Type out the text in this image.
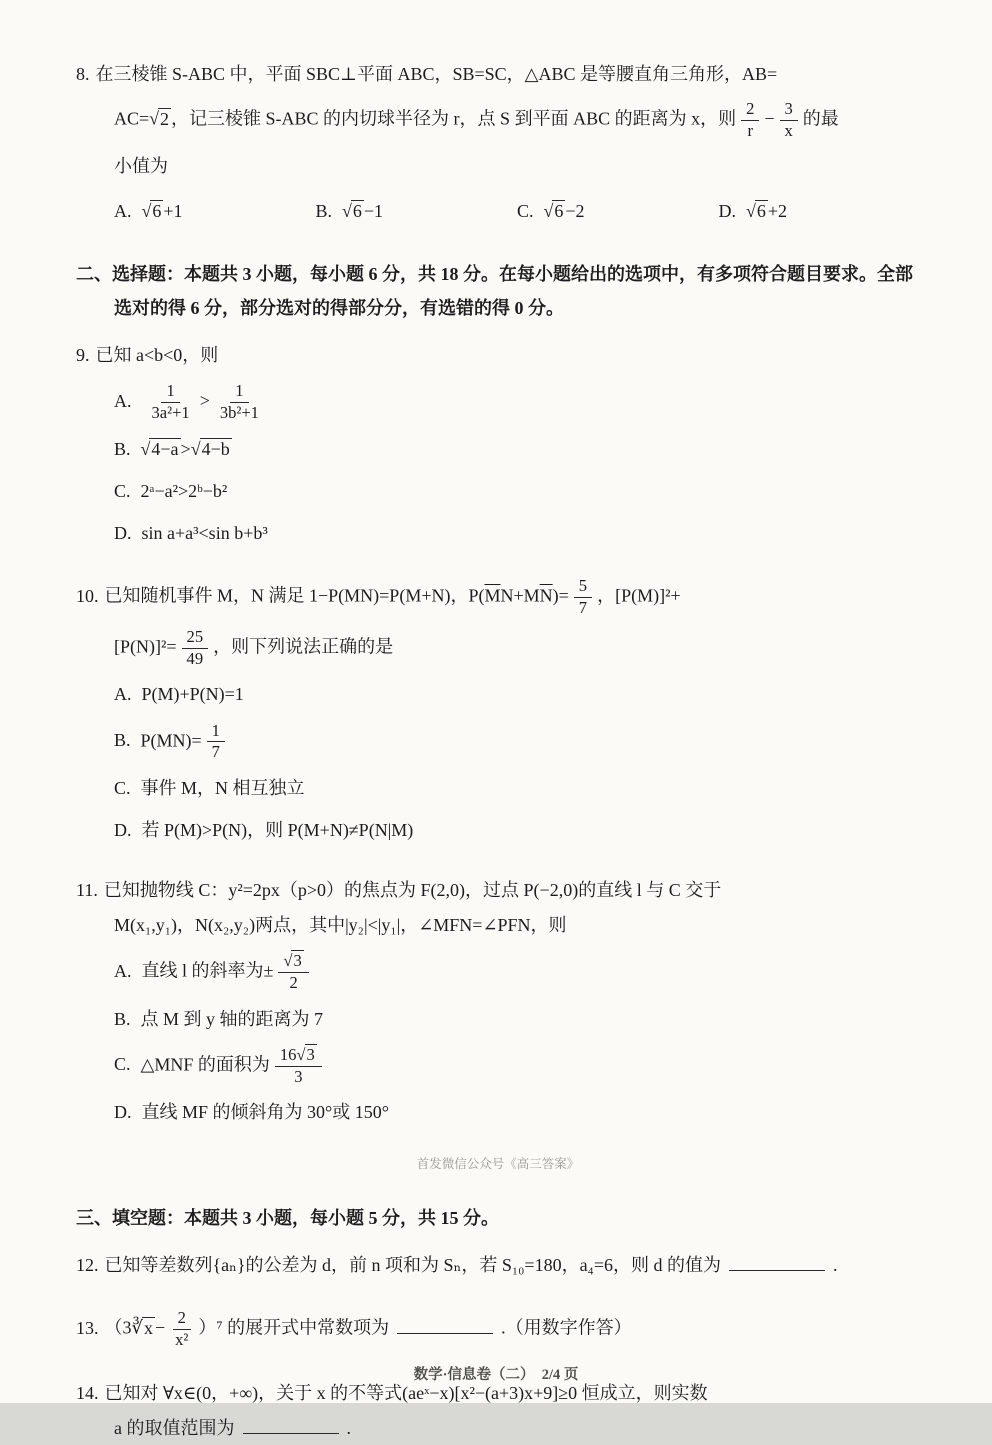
8. 在三棱锥 S-ABC 中，平面 SBC⊥平面 ABC，SB=SC，△ABC 是等腰直角三角形，AB=
AC=√ 2 ，记三棱锥 S-ABC 的内切球半径为 r，点 S 到平面 ABC 的距离为 x，则 $\frac{2}{r} - \frac{3}{x}$ 的最
小值为
A. √ 6 +1	B. √ 6 −1	C. √ 6 −2	D. √ 6 +2
二、选择题：本题共 3 小题，每小题 6 分，共 18 分。在每小题给出的选项中，有多项符合题目要求。全部选对的得 6 分，部分选对的得部分分，有选错的得 0 分。
9. 已知 a<b<0，则
A. $\frac{1}{\text{3a²+1}} > \frac{1}{\text{3b²+1}}$
B. √ 4−a >√ 4−b
C. 2ᵃ−a²>2ᵇ−b²
D. sin a+a³<sin b+b³
10. 已知随机事件 M，N 满足 1−P(MN)=P(M+N)，$P(\overline{M}N+M\overline{N})= \frac{5}{7}$ ，[P(M)]²+
$[P(N)]^2= \frac{25}{49}$ ，则下列说法正确的是
A. P(M)+P(N)=1
B. $P(MN)= \frac{1}{7}$
C. 事件 M，N 相互独立
D. 若 P(M)>P(N)，则 P(M+N)≠P(N|M)
11. 已知抛物线 C：y²=2px（p>0）的焦点为 F(2,0)，过点 P(−2,0)的直线 l 与 C 交于
M(x₁,y₁)，N(x₂,y₂)两点，其中|y₂|<|y₁|，∠MFN=∠PFN，则
A. 直线 l 的斜率为± $\frac{√ 3}{2}$
B. 点 M 到 y 轴的距离为 7
C. △MNF 的面积为 $\frac{16√ 3}{3}$
D. 直线 MF 的倾斜角为 30°或 150°
首发微信公众号《高三答案》
三、填空题：本题共 3 小题，每小题 5 分，共 15 分。
12. 已知等差数列{aₙ}的公差为 d，前 n 项和为 Sₙ，若 S₁₀=180，a₄=6，则 d 的值为	.
13. （3∛ $x - \frac{2}{\text{x²}} )^7$ 的展开式中常数项为	.（用数字作答）
14. 已知对 ∀x∈(0，+∞)，关于 x 的不等式(aeˣ−x)[x²−(a+3)x+9]≥0 恒成立，则实数
a 的取值范围为	.
数学·信息卷（二）  2/4 页
